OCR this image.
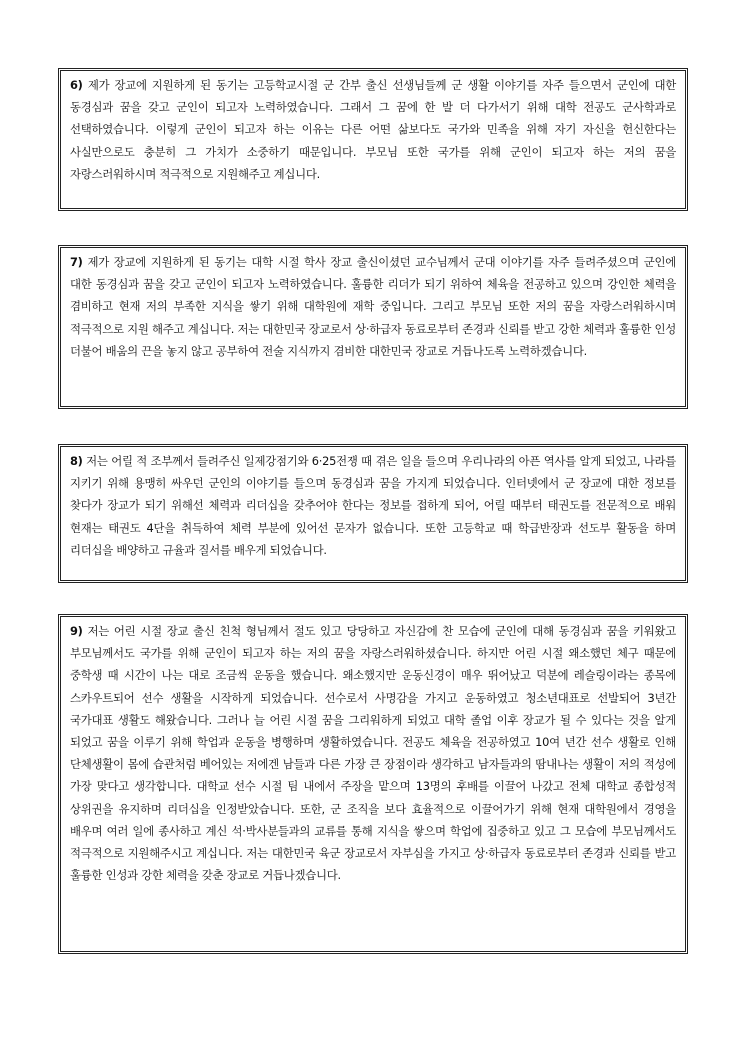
6) 제가 장교에 지원하게 된 동기는 고등학교시절 군 간부 출신 선생님들께 군 생활 이야기를 자주 들으면서 군인에 대한 동경심과 꿈을 갖고 군인이 되고자 노력하였습니다. 그래서 그 꿈에 한 발 더 다가서기 위해 대학 전공도 군사학과로 선택하였습니다. 이렇게 군인이 되고자 하는 이유는 다른 어떤 삶보다도 국가와 민족을 위해 자기 자신을 헌신한다는 사실만으로도 충분히 그 가치가 소중하기 때문입니다. 부모님 또한 국가를 위해 군인이 되고자 하는 저의 꿈을 자랑스러워하시며 적극적으로 지원해주고 계십니다.

7) 제가 장교에 지원하게 된 동기는 대학 시절 학사 장교 출신이셨던 교수님께서 군대 이야기를 자주 들려주셨으며 군인에 대한 동경심과 꿈을 갖고 군인이 되고자 노력하였습니다. 훌륭한 리더가 되기 위하여 체육을 전공하고 있으며 강인한 체력을 겸비하고 현재 저의 부족한 지식을 쌓기 위해 대학원에 재학 중입니다. 그리고 부모님 또한 저의 꿈을 자랑스러워하시며 적극적으로 지원 해주고 계십니다. 저는 대한민국 장교로서 상·하급자 동료로부터 존경과 신뢰를 받고 강한 체력과 훌륭한 인성 더불어 배움의 끈을 놓지 않고 공부하여 전술 지식까지 겸비한 대한민국 장교로 거듭나도록 노력하겠습니다.

8) 저는 어릴 적 조부께서 들려주신 일제강점기와 6·25전쟁 때 겪은 일을 들으며 우리나라의 아픈 역사를 알게 되었고, 나라를 지키기 위해 용맹히 싸우던 군인의 이야기를 들으며 동경심과 꿈을 가지게 되었습니다. 인터넷에서 군 장교에 대한 정보를 찾다가 장교가 되기 위해선 체력과 리더십을 갖추어야 한다는 정보를 접하게 되어, 어릴 때부터 태권도를 전문적으로 배워 현재는 태권도 4단을 취득하여 체력 부분에 있어선 문자가 없습니다. 또한 고등학교 때 학급반장과 선도부 활동을 하며 리더십을 배양하고 규율과 질서를 배우게 되었습니다.

9) 저는 어린 시절 장교 출신 친척 형님께서 절도 있고 당당하고 자신감에 찬 모습에 군인에 대해 동경심과 꿈을 키워왔고 부모님께서도 국가를 위해 군인이 되고자 하는 저의 꿈을 자랑스러워하셨습니다. 하지만 어린 시절 왜소했던 체구 때문에 중학생 때 시간이 나는 대로 조금씩 운동을 했습니다. 왜소했지만 운동신경이 매우 뛰어났고 덕분에 레슬링이라는 종목에 스카우트되어 선수 생활을 시작하게 되었습니다. 선수로서 사명감을 가지고 운동하였고 청소년대표로 선발되어 3년간 국가대표 생활도 해왔습니다. 그러나 늘 어린 시절 꿈을 그리워하게 되었고 대학 졸업 이후 장교가 될 수 있다는 것을 알게 되었고 꿈을 이루기 위해 학업과 운동을 병행하며 생활하였습니다. 전공도 체육을 전공하였고 10여 년간 선수 생활로 인해 단체생활이 몸에 습관처럼 베어있는 저에겐 남들과 다른 가장 큰 장점이라 생각하고 남자들과의 땀내나는 생활이 저의 적성에 가장 맞다고 생각합니다. 대학교 선수 시절 팀 내에서 주장을 맡으며 13명의 후배를 이끌어 나갔고 전체 대학교 종합성적 상위권을 유지하며 리더십을 인정받았습니다. 또한, 군 조직을 보다 효율적으로 이끌어가기 위해 현재 대학원에서 경영을 배우며 여러 일에 종사하고 계신 석·박사분들과의 교류를 통해 지식을 쌓으며 학업에 집중하고 있고 그 모습에 부모님께서도 적극적으로 지원해주시고 계십니다. 저는 대한민국 육군 장교로서 자부심을 가지고 상·하급자 동료로부터 존경과 신뢰를 받고 훌륭한 인성과 강한 체력을 갖춘 장교로 거듭나겠습니다.
